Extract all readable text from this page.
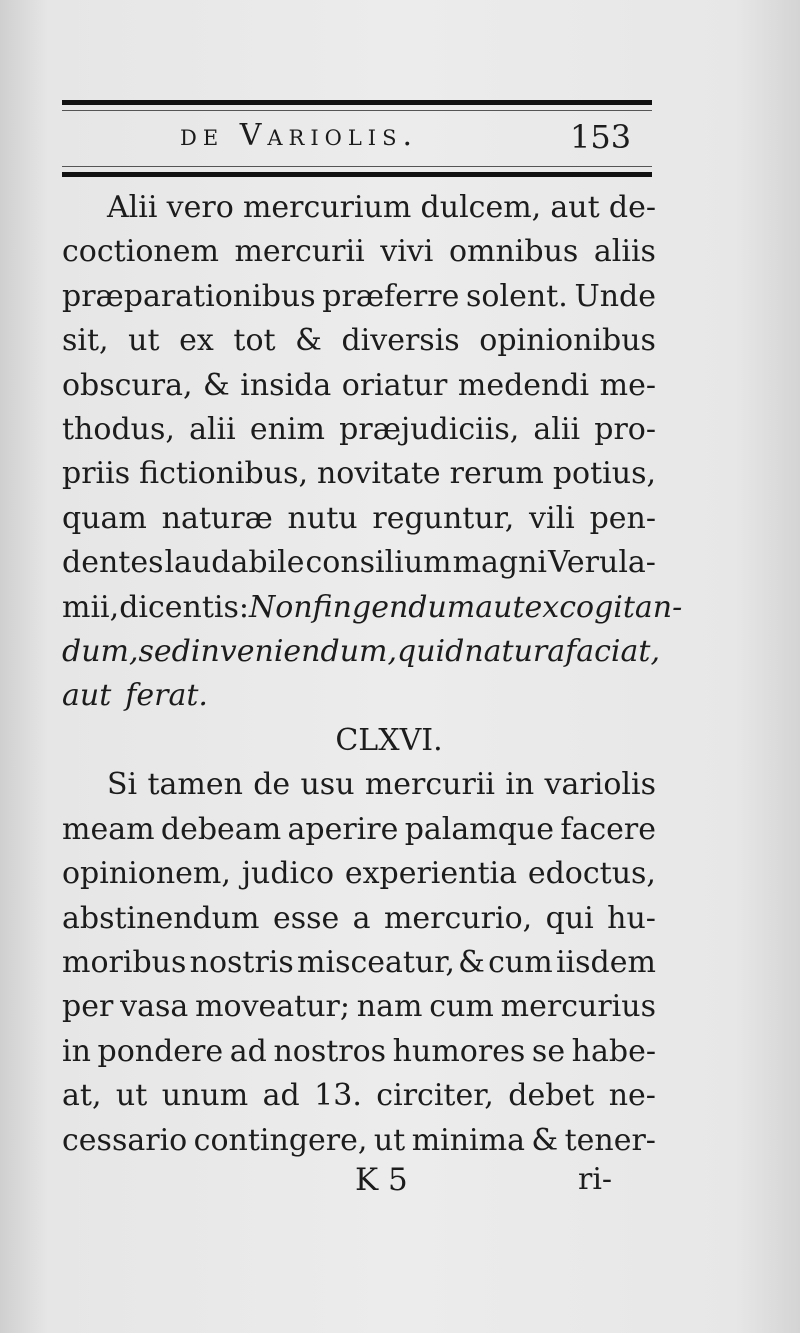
de Variolis.	153
Alii vero mercurium dulcem, aut de-
coctionem mercurii vivi omnibus aliis
præparationibus præferre solent. Unde
sit, ut ex tot & diversis opinionibus
obscura, & insida oriatur medendi me-
thodus, alii enim præjudiciis, alii pro-
priis fictionibus, novitate rerum potius,
quam naturæ nutu reguntur, vili pen-
dentes laudabile consilium magni Verula-
mii, dicentis: Non fingendum aut excogitan-
dum, sed inveniendum, quid natura faciat,
aut ferat.
CLXVI.
Si tamen de usu mercurii in variolis
meam debeam aperire palamque facere
opinionem, judico experientia edoctus,
abstinendum esse a mercurio, qui hu-
moribus nostris misceatur, & cum iisdem
per vasa moveatur; nam cum mercurius
in pondere ad nostros humores se habe-
at, ut unum ad 13. circiter, debet ne-
cessario contingere, ut minima & tener-
K 5	ri-
